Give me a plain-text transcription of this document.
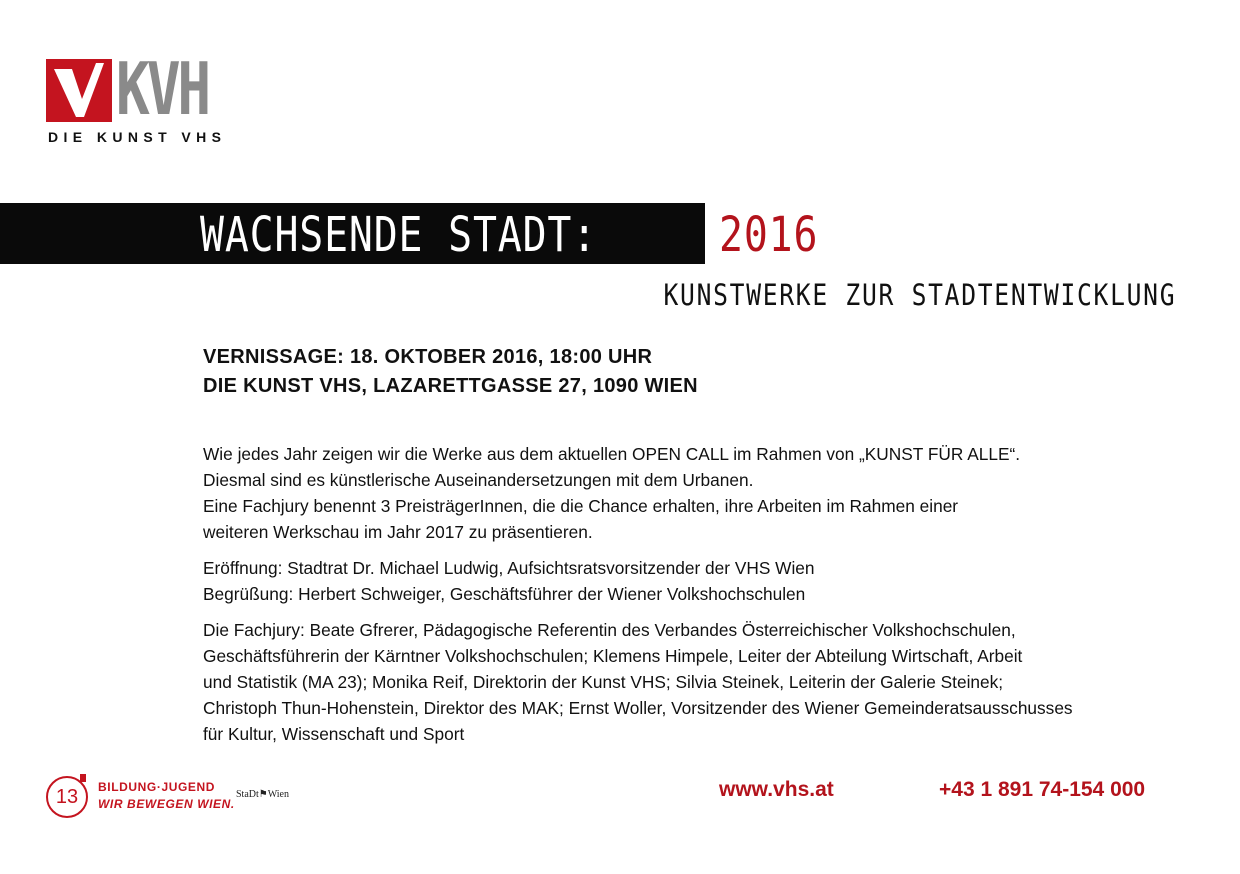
KVH
DIE KUNST VHS
WACHSENDE STADT:	2016
KUNSTWERKE ZUR STADTENTWICKLUNG
VERNISSAGE: 18. OKTOBER 2016, 18:00 UHR
DIE KUNST VHS, LAZARETTGASSE 27, 1090 WIEN
Wie jedes Jahr zeigen wir die Werke aus dem aktuellen OPEN CALL im Rahmen von „KUNST FÜR ALLE“.
Diesmal sind es künstlerische Auseinandersetzungen mit dem Urbanen.
Eine Fachjury benennt 3 PreisträgerInnen, die die Chance erhalten, ihre Arbeiten im Rahmen einer
weiteren Werkschau im Jahr 2017 zu präsentieren.
Eröffnung: Stadtrat Dr. Michael Ludwig, Aufsichtsratsvorsitzender der VHS Wien
Begrüßung: Herbert Schweiger, Geschäftsführer der Wiener Volkshochschulen
Die Fachjury: Beate Gfrerer, Pädagogische Referentin des Verbandes Österreichischer Volkshochschulen,
Geschäftsführerin der Kärntner Volkshochschulen; Klemens Himpele, Leiter der Abteilung Wirtschaft, Arbeit
und Statistik (MA 23); Monika Reif, Direktorin der Kunst VHS; Silvia Steinek, Leiterin der Galerie Steinek;
Christoph Thun-Hohenstein, Direktor des MAK; Ernst Woller, Vorsitzender des Wiener Gemeinderatsausschusses
für Kultur, Wissenschaft und Sport
13	BILDUNG·JUGEND
WIR BEWEGEN WIEN.
StaDt⚑Wien	www.vhs.at	+43 1 891 74-154 000
